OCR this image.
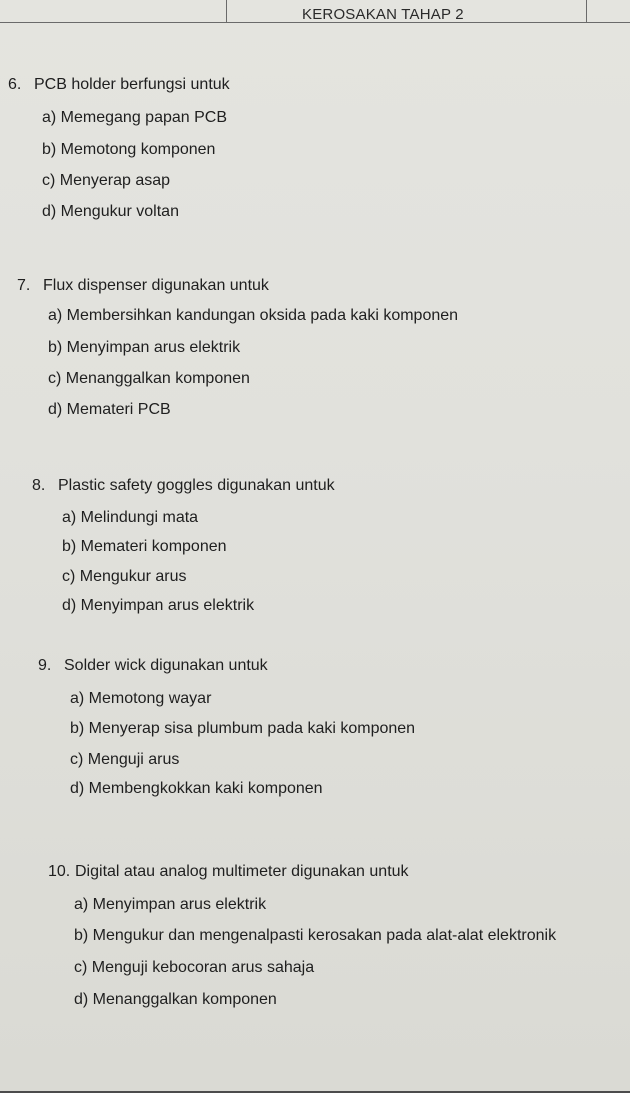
KEROSAKAN TAHAP 2
6. PCB holder berfungsi untuk
a) Memegang papan PCB
b) Memotong komponen
c) Menyerap asap
d) Mengukur voltan
7. Flux dispenser digunakan untuk
a) Membersihkan kandungan oksida pada kaki komponen
b) Menyimpan arus elektrik
c) Menanggalkan komponen
d) Memateri PCB
8. Plastic safety goggles digunakan untuk
a) Melindungi mata
b) Memateri komponen
c) Mengukur arus
d) Menyimpan arus elektrik
9. Solder wick digunakan untuk
a) Memotong wayar
b) Menyerap sisa plumbum pada kaki komponen
c) Menguji arus
d) Membengkokkan kaki komponen
10. Digital atau analog multimeter digunakan untuk
a) Menyimpan arus elektrik
b) Mengukur dan mengenalpasti kerosakan pada alat-alat elektronik
c) Menguji kebocoran arus sahaja
d) Menanggalkan komponen
